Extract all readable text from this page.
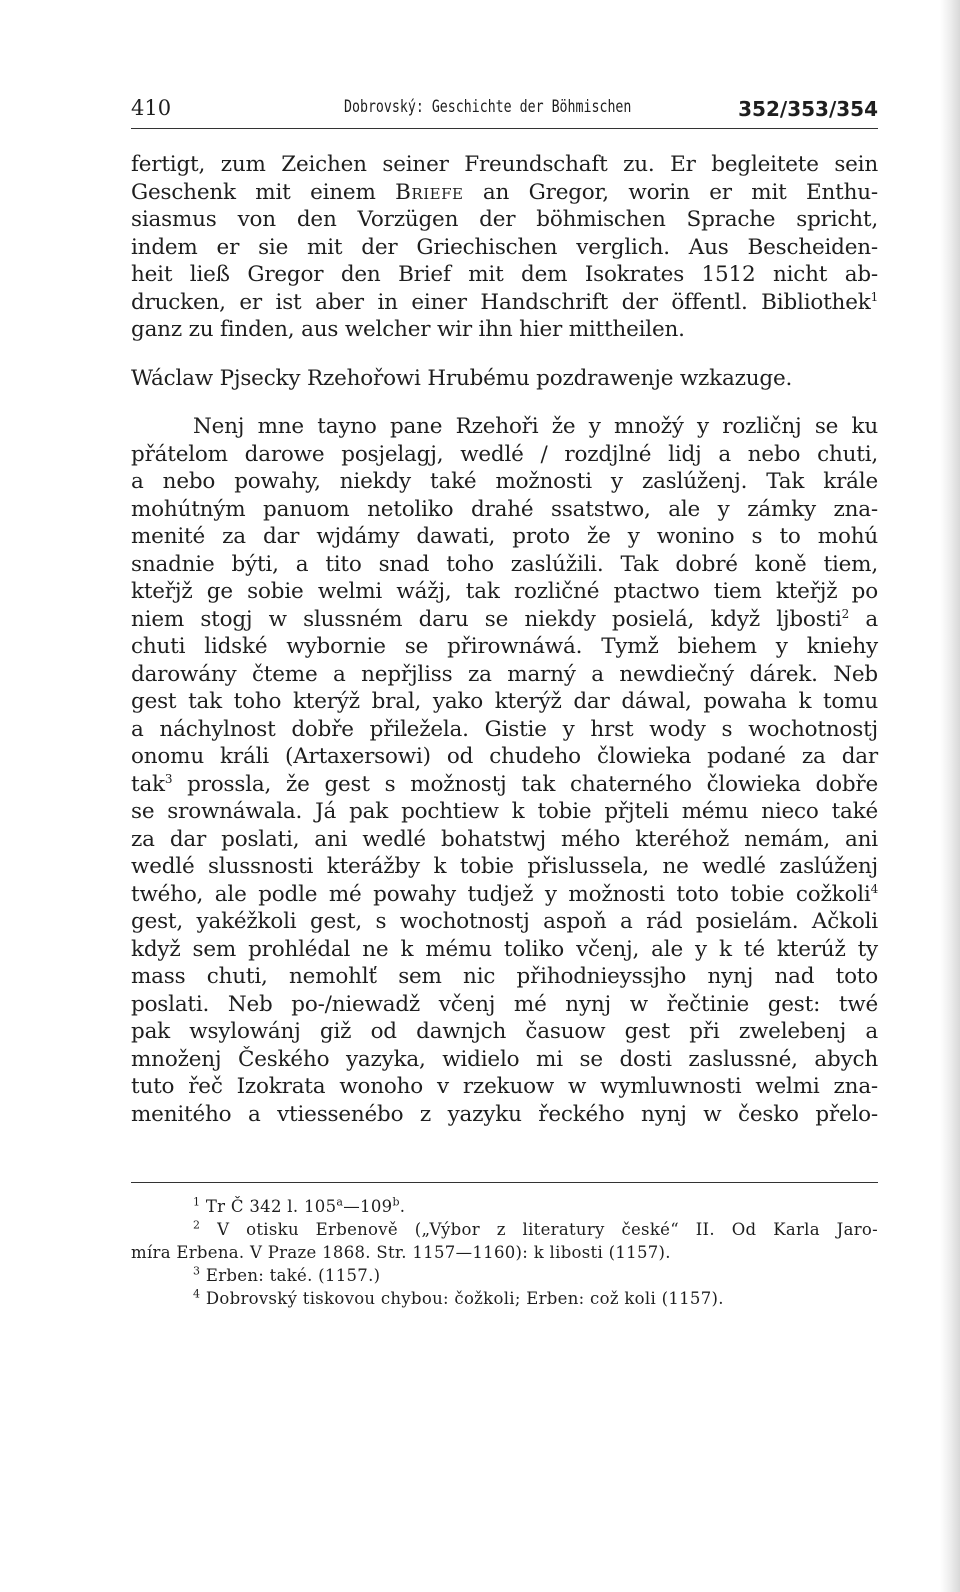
410	Dobrovský: Geschichte der Böhmischen	352/353/354
fertigt, zum Zeichen seiner Freundschaft zu. Er begleitete sein
Geschenk mit einem Briefe an Gregor, worin er mit Enthu-
siasmus von den Vorzügen der böhmischen Sprache spricht,
indem er sie mit der Griechischen verglich. Aus Bescheiden-
heit ließ Gregor den Brief mit dem Isokrates 1512 nicht ab-
drucken, er ist aber in einer Handschrift der öffentl. Bibliothek$^1$
ganz zu finden, aus welcher wir ihn hier mittheilen.
Wáclaw Pjsecky Rzehořowi Hrubému pozdrawenje wzkazuge.
Nenj mne tayno pane Rzehoři že y množý y rozličnj se ku
přátelom darowe posjelagj, wedlé / rozdjlné lidj a nebo chuti,
a nebo powahy, niekdy také možnosti y zaslúženj. Tak krále
mohútným panuom netoliko drahé ssatstwo, ale y zámky zna-
menité za dar wjdámy dawati, proto že y wonino s to mohú
snadnie býti, a tito snad toho zaslúžili. Tak dobré koně tiem,
kteřjž ge sobie welmi wážj, tak rozličné ptactwo tiem kteřjž po
niem stogj w slussném daru se niekdy posielá, když ljbosti$^2$ a
chuti lidské wybornie se přirownáwá. Tymž biehem y kniehy
darowány čteme a nepřjliss za marný a newdiečný dárek. Neb
gest tak toho kterýž bral, yako kterýž dar dáwal, powaha k tomu
a náchylnost dobře přiležela. Gistie y hrst wody s wochotnostj
onomu králi (Artaxersowi) od chudeho člowieka podané za dar
tak$^3$ prossla, že gest s možnostj tak chaterného člowieka dobře
se srownáwala. Já pak pochtiew k tobie přjteli mému nieco také
za dar poslati, ani wedlé bohatstwj mého kteréhož nemám, ani
wedlé slussnosti kterážby k tobie přislussela, ne wedlé zaslúženj
twého, ale podle mé powahy tudjež y možnosti toto tobie cožkoli$^4$
gest, yakéžkoli gest, s wochotnostj aspoň a rád posielám. Ačkoli
když sem prohlédal ne k mému toliko včenj, ale y k té kterúž ty
mass chuti, nemohlť sem nic přihodnieyssjho nynj nad toto
poslati. Neb po-/niewadž včenj mé nynj w řečtinie gest: twé
pak wsylowánj giž od dawnjch časuow gest při zwelebenj a
množenj Českého yazyka, widielo mi se dosti zaslussné, abych
tuto řeč Izokrata wonoho v rzekuow w wymluwnosti welmi zna-
menitého a vtiessenébo z yazyku řeckého nynj w česko přelo-
$^1$ Tr Č 342 l. 105$^a$—109$^b$.
$^2$ V otisku Erbenově („Výbor z literatury české“ II. Od Karla Jaro-
míra Erbena. V Praze 1868. Str. 1157—1160): k libosti (1157).
$^3$ Erben: také. (1157.)
$^4$ Dobrovský tiskovou chybou: čožkoli; Erben: což koli (1157).
